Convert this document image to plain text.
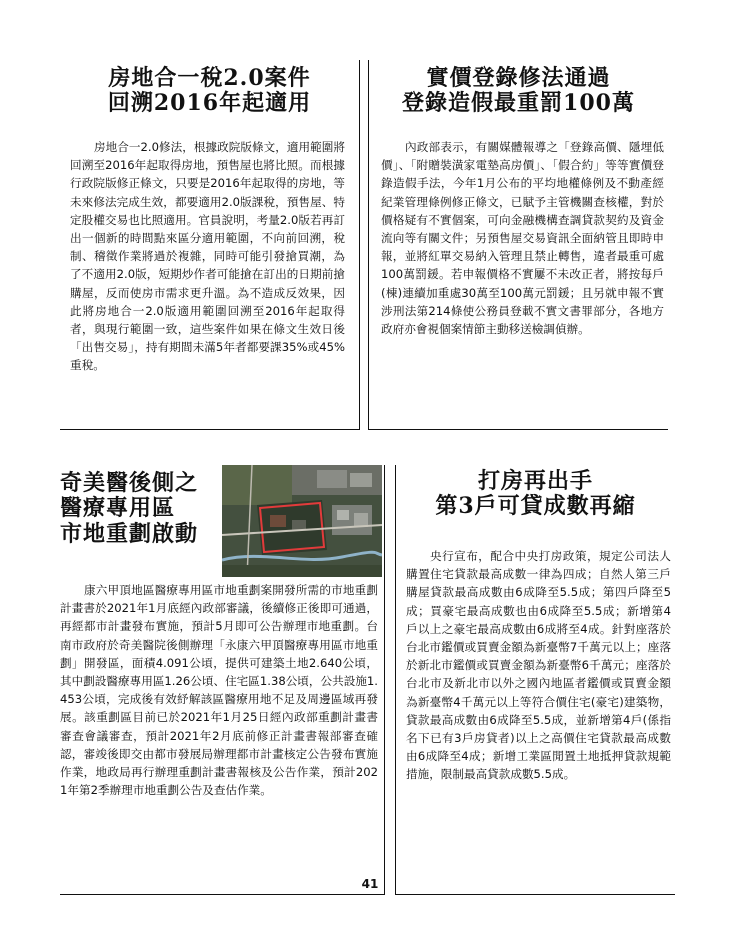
房地合一稅2.0案件
回溯2016年起適用

房地合一2.0修法，根據政院版條文，適用範圍將回溯至2016年起取得房地，預售屋也將比照。而根據行政院版修正條文，只要是2016年起取得的房地，等未來修法完成生效，都要適用2.0版課稅，預售屋、特定股權交易也比照適用。官員說明，考量2.0版若再訂出一個新的時間點來區分適用範圍，不向前回溯，稅制、稽徵作業將過於複雜，同時可能引發搶買潮，為了不適用2.0版，短期炒作者可能搶在訂出的日期前搶購屋，反而使房市需求更升溫。為不造成反效果，因此將房地合一2.0版適用範圍回溯至2016年起取得者，與現行範圍一致，這些案件如果在條文生效日後「出售交易」，持有期間未滿5年者都要課35%或45%重稅。

實價登錄修法通過
登錄造假最重罰100萬

內政部表示，有關媒體報導之「登錄高價、隱埋低價」、「附贈裝潢家電墊高房價」、「假合約」等等實價登錄造假手法，今年1月公布的平均地權條例及不動產經紀業管理條例修正條文，已賦予主管機關查核權，對於價格疑有不實個案，可向金融機構查調貸款契約及資金流向等有關文件；另預售屋交易資訊全面納管且即時申報，並將紅單交易納入管理且禁止轉售，違者最重可處100萬罰鍰。若申報價格不實屢不未改正者，將按每戶(棟)連續加重處30萬至100萬元罰鍰；且另就申報不實涉刑法第214條使公務員登載不實文書罪部分，各地方政府亦會視個案情節主動移送檢調偵辦。

奇美醫後側之
醫療專用區
市地重劃啟動

康六甲頂地區醫療專用區市地重劃案開發所需的市地重劃計畫書於2021年1月底經內政部審議，後續修正後即可通過，再經都市計畫發布實施，預計5月即可公告辦理市地重劃。台南市政府於奇美醫院後側辦理「永康六甲頂醫療專用區市地重劃」開發區，面積4.091公頃，提供可建築土地2.640公頃，其中劃設醫療專用區1.26公頃、住宅區1.38公頃，公共設施1.453公頃，完成後有效紓解該區醫療用地不足及周邊區域再發展。該重劃區目前已於2021年1月25日經內政部重劃計畫書審查會議審查，預計2021年2月底前修正計畫書報部審查確認，審竣後即交由都市發展局辦理都市計畫核定公告發布實施作業，地政局再行辦理重劃計畫書報核及公告作業，預計2021年第2季辦理市地重劃公告及查估作業。

打房再出手
第3戶可貸成數再縮

央行宣布，配合中央打房政策，規定公司法人購置住宅貸款最高成數一律為四成；自然人第三戶購屋貸款最高成數由6成降至5.5成；第四戶降至5成；買豪宅最高成數也由6成降至5.5成；新增第4戶以上之豪宅最高成數由6成將至4成。針對座落於台北市鑑價或買賣金額為新臺幣7千萬元以上；座落於新北市鑑價或買賣金額為新臺幣6千萬元；座落於台北市及新北市以外之國內地區者鑑價或買賣金額為新臺幣4千萬元以上等符合價住宅(豪宅)建築物，貸款最高成數由6成降至5.5成，並新增第4戶(係指名下已有3戶房貸者)以上之高價住宅貸款最高成數由6成降至4成；新增工業區閒置土地抵押貸款規範措施，限制最高貸款成數5.5成。

41
